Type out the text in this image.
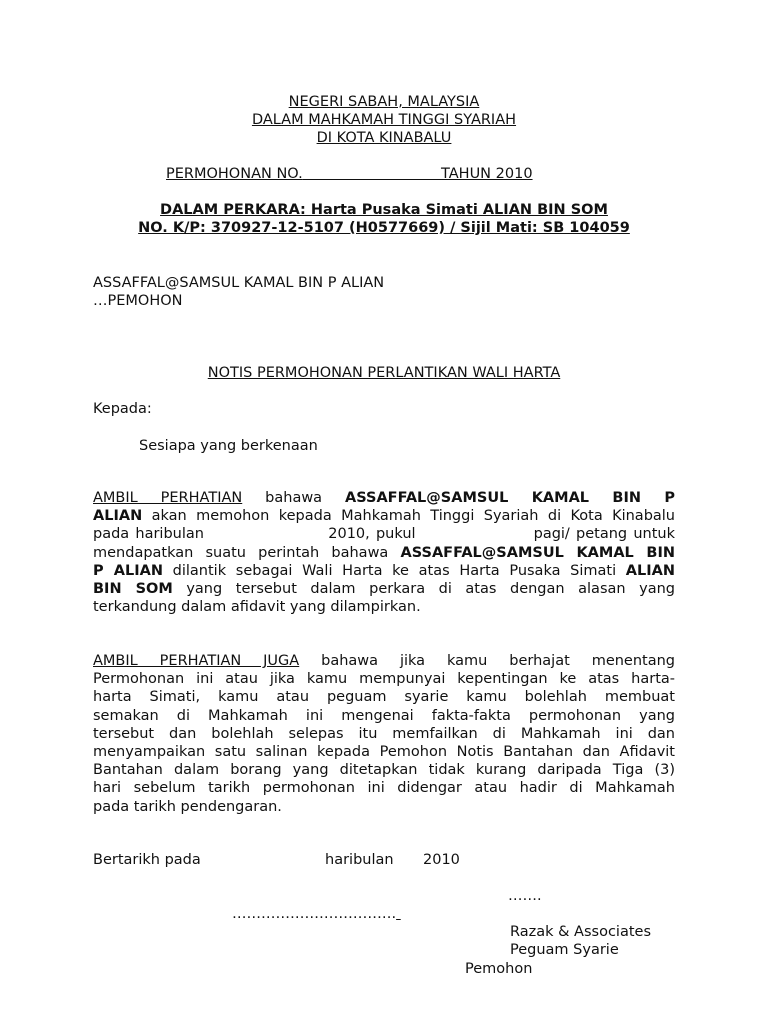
NEGERI SABAH, MALAYSIA
DALAM MAHKAMAH TINGGI SYARIAH
DI KOTA KINABALU
PERMOHONAN NO.	TAHUN 2010
DALAM PERKARA: Harta Pusaka Simati ALIAN BIN SOM
NO. K/P: 370927-12-5107 (H0577669) / Sijil Mati: SB 104059
ASSAFFAL@SAMSUL KAMAL BIN P ALIAN
…PEMOHON
NOTIS PERMOHONAN PERLANTIKAN WALI HARTA
Kepada:
Sesiapa yang berkenaan
AMBIL PERHATIAN bahawa ASSAFFAL@SAMSUL KAMAL BIN P
ALIAN akan memohon kepada Mahkamah Tinggi Syariah di Kota Kinabalu
pada haribulan                    2010, pukul                   pagi/ petang untuk
mendapatkan suatu perintah bahawa ASSAFFAL@SAMSUL KAMAL BIN
P ALIAN dilantik sebagai Wali Harta ke atas Harta Pusaka Simati ALIAN
BIN SOM yang tersebut dalam perkara di atas dengan alasan yang
terkandung dalam afidavit yang dilampirkan.
AMBIL PERHATIAN JUGA bahawa jika kamu berhajat menentang
Permohonan ini atau jika kamu mempunyai kepentingan ke atas harta-
harta Simati, kamu atau peguam syarie kamu bolehlah membuat
semakan di Mahkamah ini mengenai fakta-fakta permohonan yang
tersebut dan bolehlah selepas itu memfailkan di Mahkamah ini dan
menyampaikan satu salinan kepada Pemohon Notis Bantahan dan Afidavit
Bantahan dalam borang yang ditetapkan tidak kurang daripada Tiga (3)
hari sebelum tarikh permohonan ini didengar atau hadir di Mahkamah
pada tarikh pendengaran.
Bertarikh pada	haribulan 2010
…….
…………………………….
Razak & Associates
Peguam Syarie
Pemohon
